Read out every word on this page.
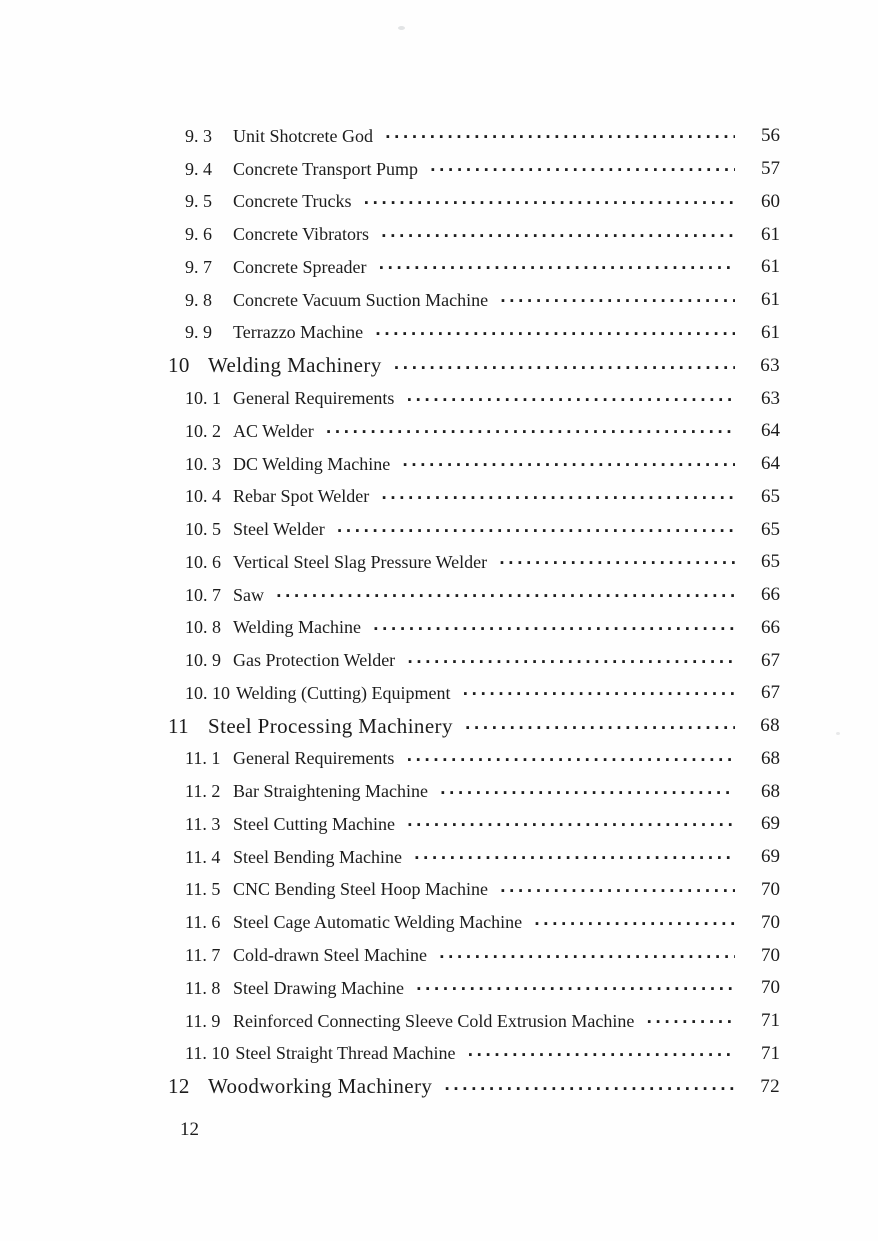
9. 3	Unit Shotcrete God ·····	56
9. 4	Concrete Transport Pump ·····	57
9. 5	Concrete Trucks ·····	60
9. 6	Concrete Vibrators ·····	61
9. 7	Concrete Spreader ·····	61
9. 8	Concrete Vacuum Suction Machine ·····	61
9. 9	Terrazzo Machine ·····	61
10 Welding Machinery ·····	63
10. 1 General Requirements ·····	63
10. 2 AC Welder ·····	64
10. 3 DC Welding Machine ·····	64
10. 4 Rebar Spot Welder ·····	65
10. 5 Steel Welder ·····	65
10. 6 Vertical Steel Slag Pressure Welder ·····	65
10. 7 Saw ·····	66
10. 8 Welding Machine ·····	66
10. 9 Gas Protection Welder ·····	67
10. 10 Welding (Cutting) Equipment ·····	67
11 Steel Processing Machinery ·····	68
11. 1 General Requirements ·····	68
11. 2 Bar Straightening Machine ·····	68
11. 3 Steel Cutting Machine ·····	69
11. 4 Steel Bending Machine ·····	69
11. 5 CNC Bending Steel Hoop Machine ·····	70
11. 6 Steel Cage Automatic Welding Machine ·····	70
11. 7 Cold-drawn Steel Machine ·····	70
11. 8 Steel Drawing Machine ·····	70
11. 9 Reinforced Connecting Sleeve Cold Extrusion Machine ·····	71
11. 10 Steel Straight Thread Machine ·····	71
12 Woodworking Machinery ·····	72
12
